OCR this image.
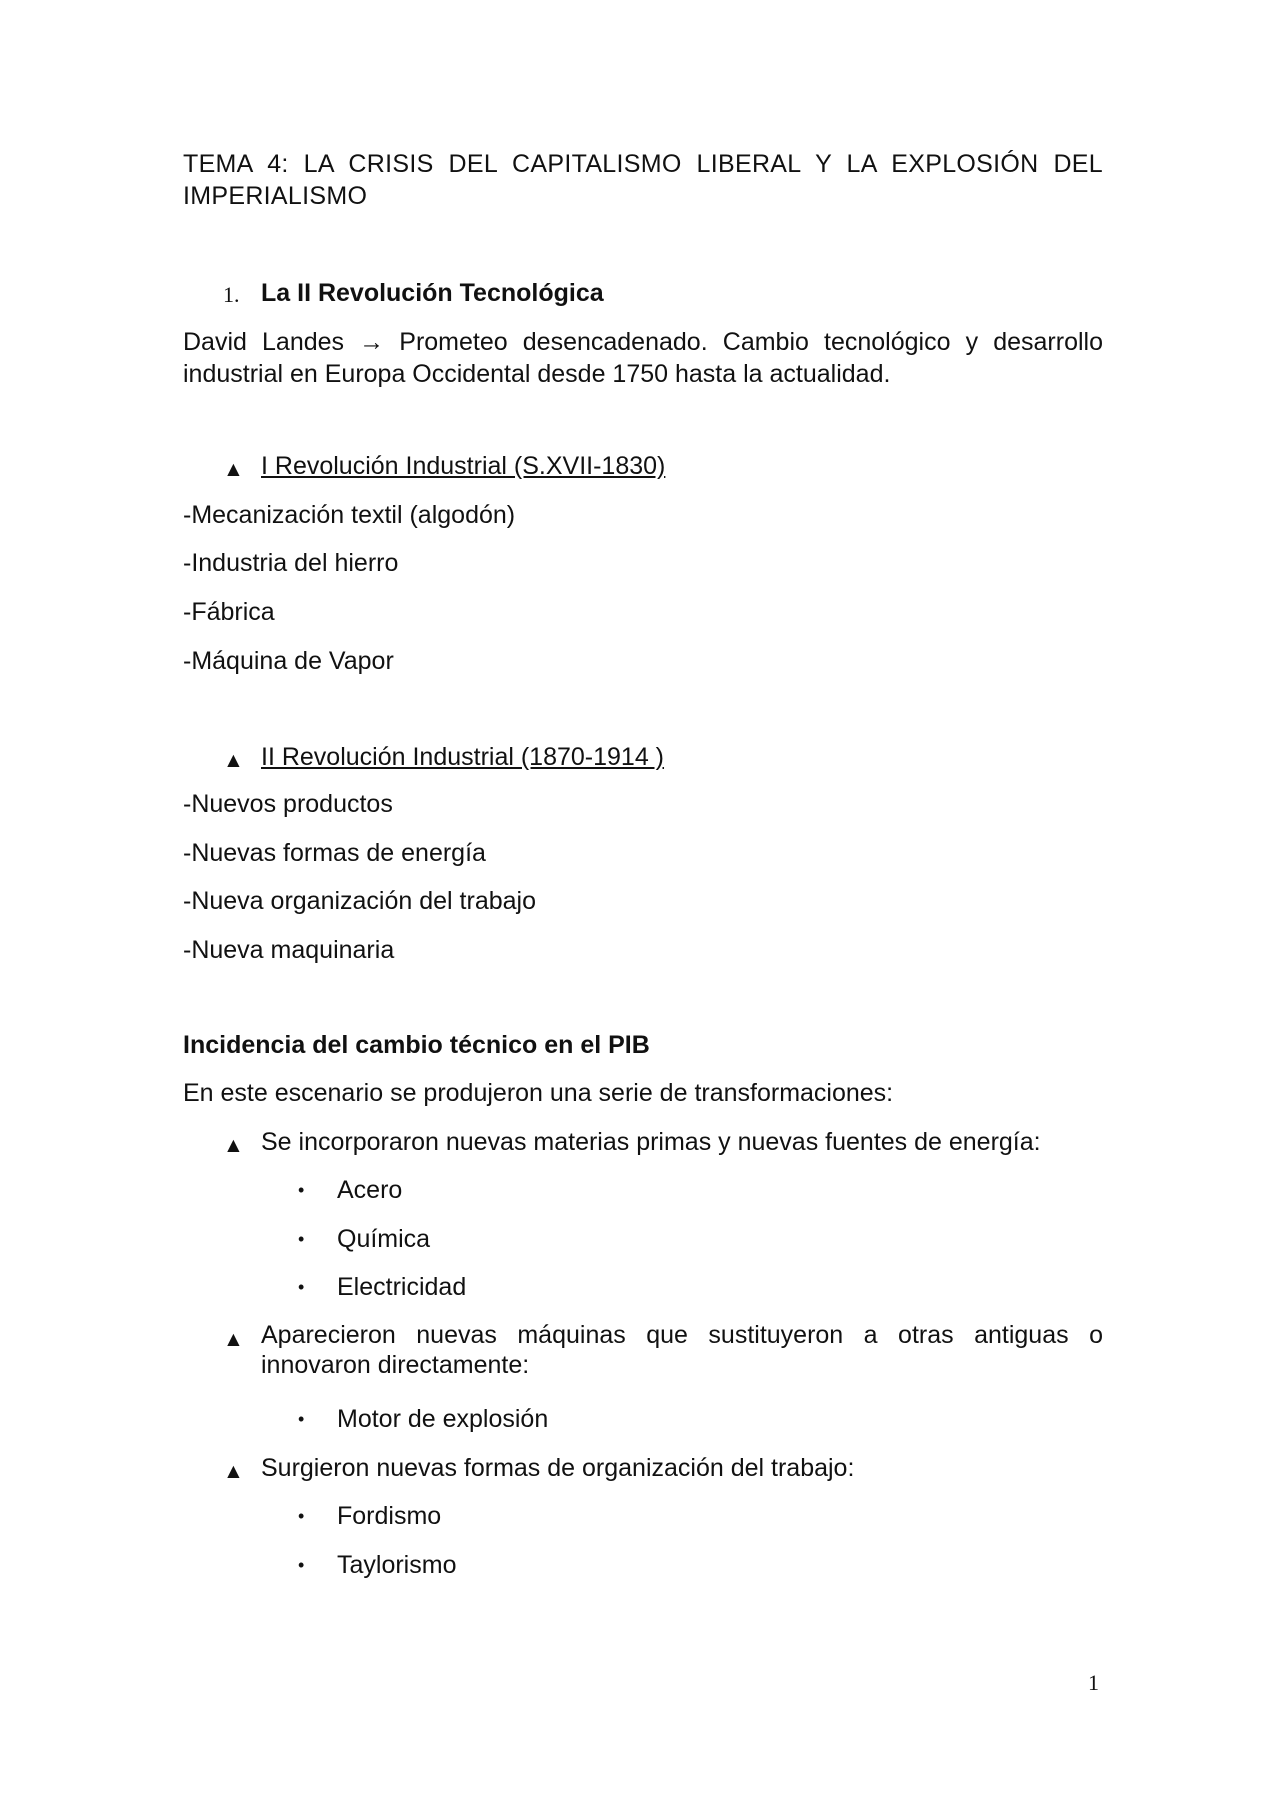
TEMA 4: LA CRISIS DEL CAPITALISMO LIBERAL Y LA EXPLOSIÓN DEL IMPERIALISMO
1. La II Revolución Tecnológica
David Landes → Prometeo desencadenado. Cambio tecnológico y desarrollo industrial en Europa Occidental desde 1750 hasta la actualidad.
▲ I Revolución Industrial (S.XVII-1830)
-Mecanización textil (algodón)
-Industria del hierro
-Fábrica
-Máquina de Vapor
▲ II Revolución Industrial (1870-1914 )
-Nuevos productos
-Nuevas formas de energía
-Nueva organización del trabajo
-Nueva maquinaria
Incidencia del cambio técnico en el PIB
En este escenario se produjeron una serie de transformaciones:
▲ Se incorporaron nuevas materias primas y nuevas fuentes de energía:
• Acero
• Química
• Electricidad
▲ Aparecieron nuevas máquinas que sustituyeron a otras antiguas o innovaron directamente:
• Motor de explosión
▲ Surgieron nuevas formas de organización del trabajo:
• Fordismo
• Taylorismo
1
